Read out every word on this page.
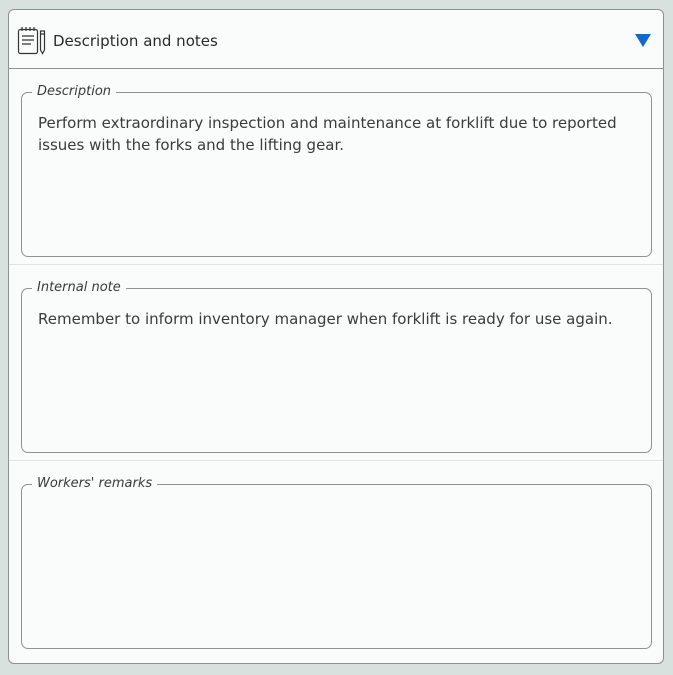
Description and notes
Description
Perform extraordinary inspection and maintenance at forklift due to reported issues with the forks and the lifting gear.
Internal note
Remember to inform inventory manager when forklift is ready for use again.
Workers' remarks
